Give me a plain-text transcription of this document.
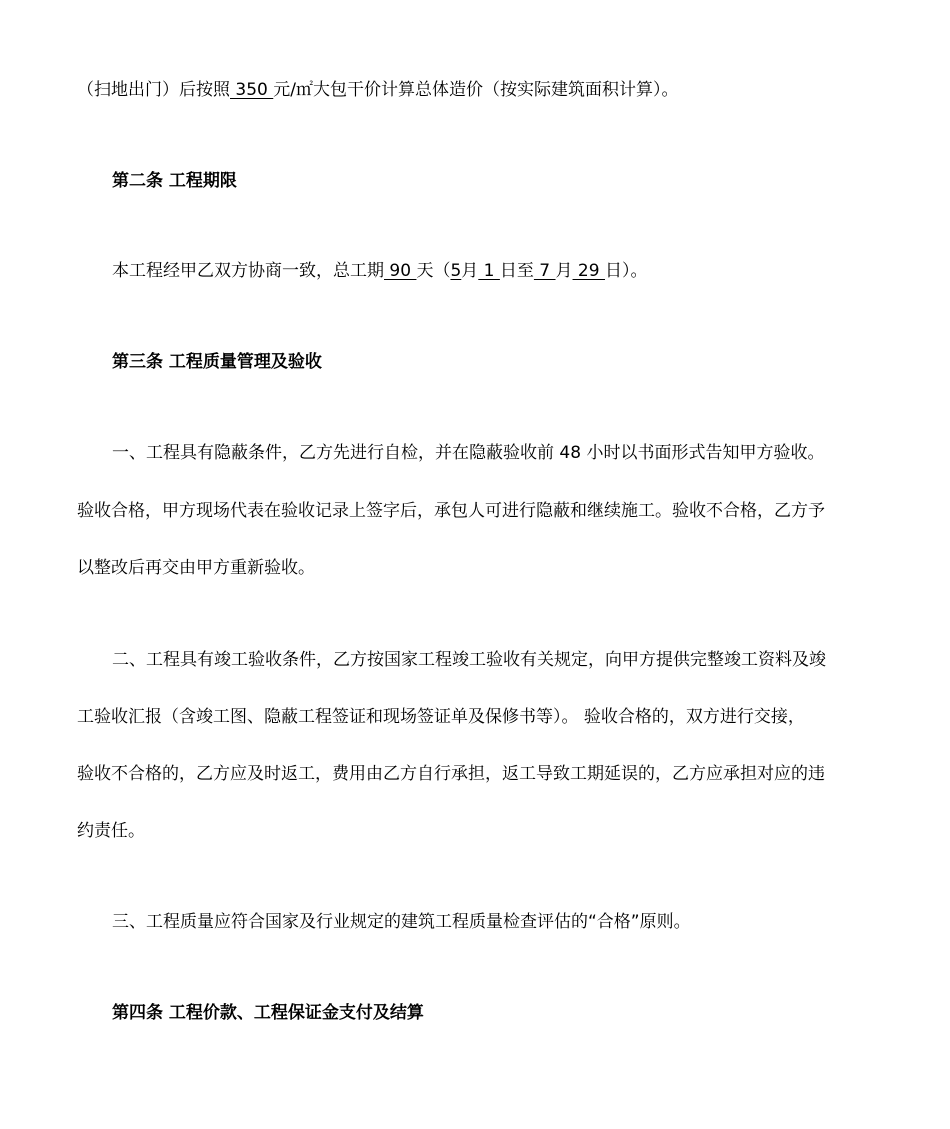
（扫地出门）后按照 350 元/㎡大包干价计算总体造价（按实际建筑面积计算）。
第二条 工程期限
本工程经甲乙双方协商一致，总工期 90 天（5月 1 日至 7 月 29 日）。
第三条 工程质量管理及验收
一、工程具有隐蔽条件，乙方先进行自检，并在隐蔽验收前 48 小时以书面形式告知甲方验收。
验收合格，甲方现场代表在验收记录上签字后，承包人可进行隐蔽和继续施工。验收不合格，乙方予
以整改后再交由甲方重新验收。
二、工程具有竣工验收条件，乙方按国家工程竣工验收有关规定，向甲方提供完整竣工资料及竣
工验收汇报（含竣工图、隐蔽工程签证和现场签证单及保修书等）。 验收合格的，双方进行交接，
验收不合格的，乙方应及时返工，费用由乙方自行承担，返工导致工期延误的，乙方应承担对应的违
约责任。
三、工程质量应符合国家及行业规定的建筑工程质量检查评估的“合格”原则。
第四条 工程价款、工程保证金支付及结算
